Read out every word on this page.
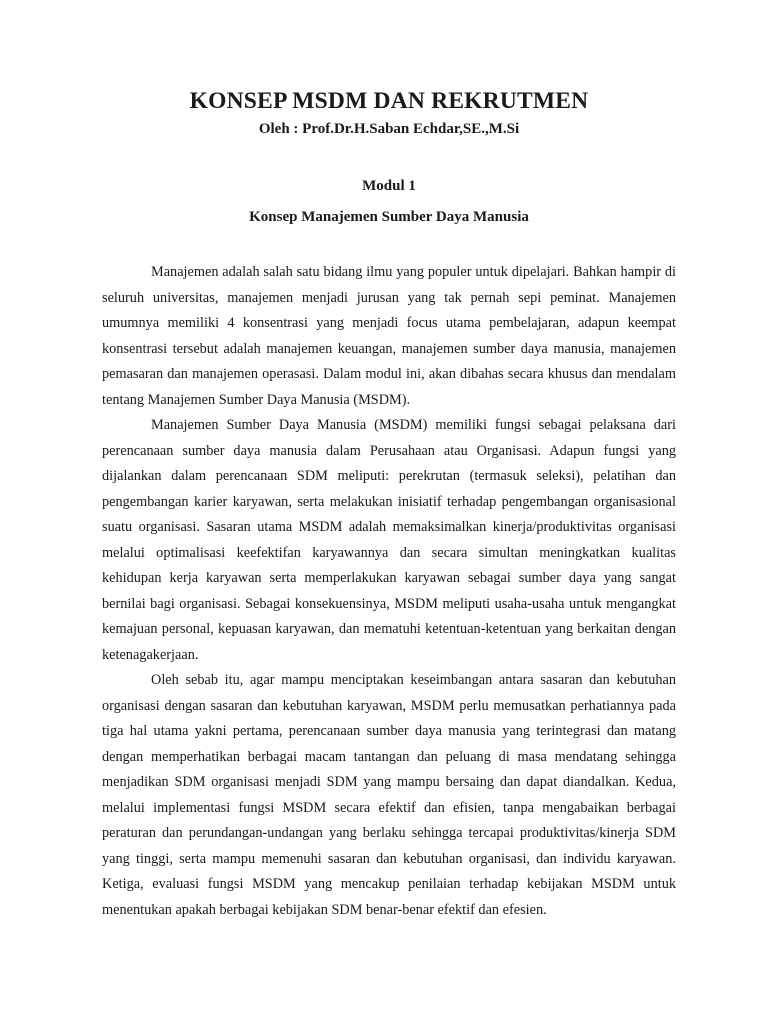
KONSEP MSDM DAN REKRUTMEN
Oleh : Prof.Dr.H.Saban Echdar,SE.,M.Si
Modul 1
Konsep Manajemen Sumber Daya Manusia

Manajemen adalah salah satu bidang ilmu yang populer untuk dipelajari. Bahkan hampir di seluruh universitas, manajemen menjadi jurusan yang tak pernah sepi peminat. Manajemen umumnya memiliki 4 konsentrasi yang menjadi focus utama pembelajaran, adapun keempat konsentrasi tersebut adalah manajemen keuangan, manajemen sumber daya manusia, manajemen pemasaran dan manajemen operasasi. Dalam modul ini, akan dibahas secara khusus dan mendalam tentang Manajemen Sumber Daya Manusia (MSDM).

Manajemen Sumber Daya Manusia (MSDM) memiliki fungsi sebagai pelaksana dari perencanaan sumber daya manusia dalam Perusahaan atau Organisasi. Adapun fungsi yang dijalankan dalam perencanaan SDM meliputi: perekrutan (termasuk seleksi), pelatihan dan pengembangan karier karyawan, serta melakukan inisiatif terhadap pengembangan organisasional suatu organisasi. Sasaran utama MSDM adalah memaksimalkan kinerja/produktivitas organisasi melalui optimalisasi keefektifan karyawannya dan secara simultan meningkatkan kualitas kehidupan kerja karyawan serta memperlakukan karyawan sebagai sumber daya yang sangat bernilai bagi organisasi. Sebagai konsekuensinya, MSDM meliputi usaha-usaha untuk mengangkat kemajuan personal, kepuasan karyawan, dan mematuhi ketentuan-ketentuan yang berkaitan dengan ketenagakerjaan.

Oleh sebab itu, agar mampu menciptakan keseimbangan antara sasaran dan kebutuhan organisasi dengan sasaran dan kebutuhan karyawan, MSDM perlu memusatkan perhatiannya pada tiga hal utama yakni pertama, perencanaan sumber daya manusia yang terintegrasi dan matang dengan memperhatikan berbagai macam tantangan dan peluang di masa mendatang sehingga menjadikan SDM organisasi menjadi SDM yang mampu bersaing dan dapat diandalkan. Kedua, melalui implementasi fungsi MSDM secara efektif dan efisien, tanpa mengabaikan berbagai peraturan dan perundangan-undangan yang berlaku sehingga tercapai produktivitas/kinerja SDM yang tinggi, serta mampu memenuhi sasaran dan kebutuhan organisasi, dan individu karyawan. Ketiga, evaluasi fungsi MSDM yang mencakup penilaian terhadap kebijakan MSDM untuk menentukan apakah berbagai kebijakan SDM benar-benar efektif dan efesien.
